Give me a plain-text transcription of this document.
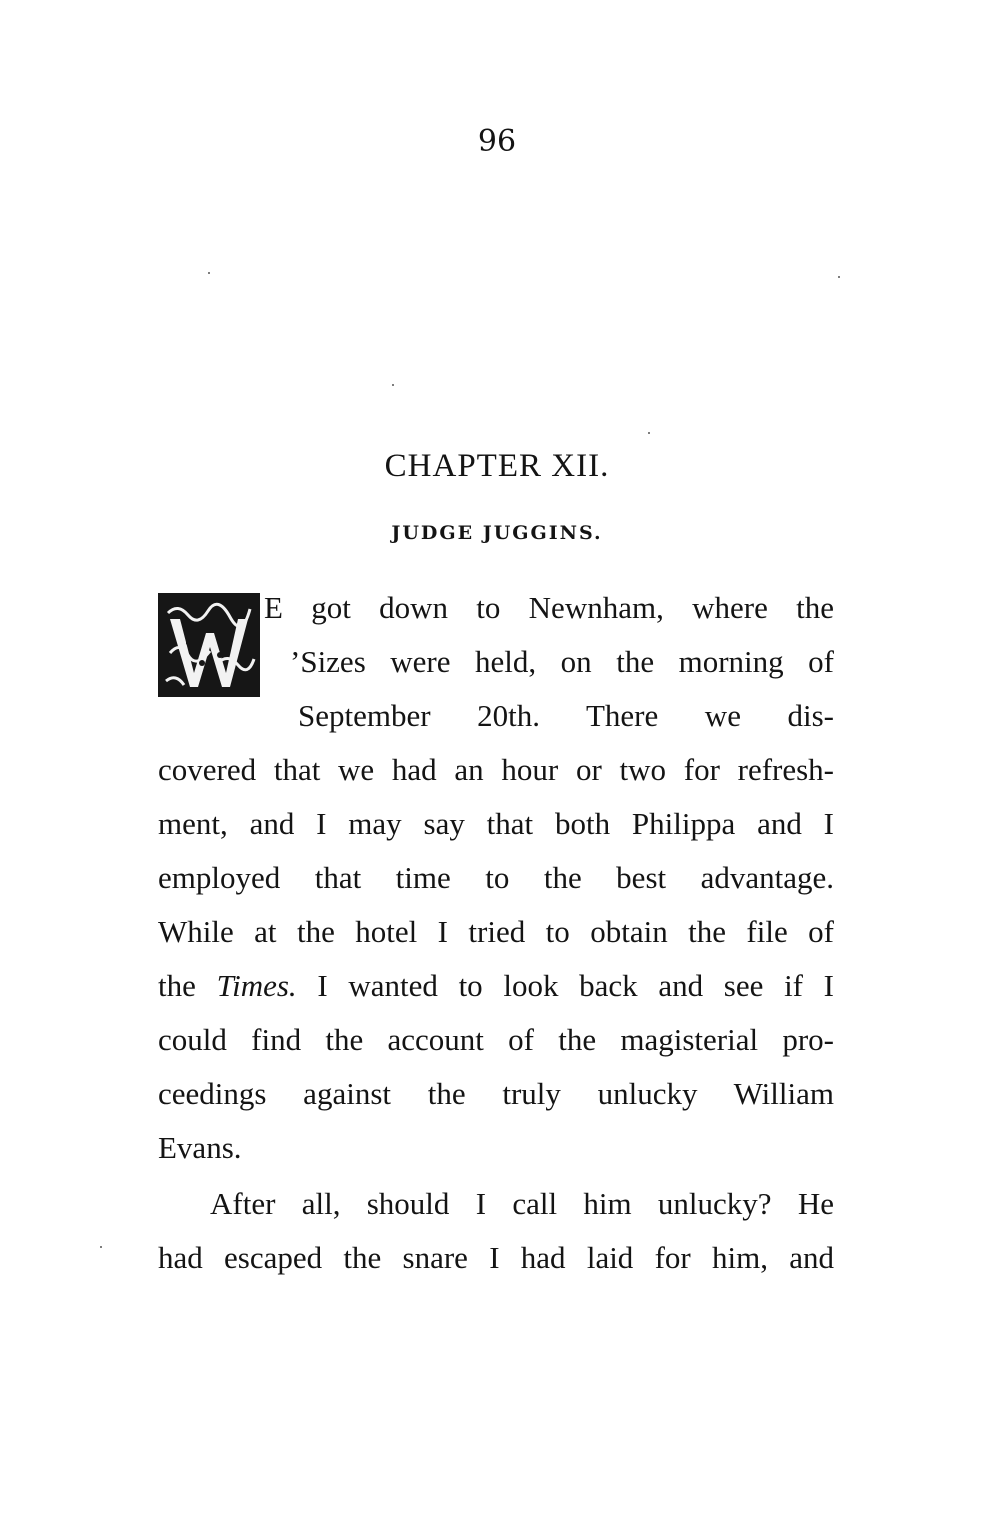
96
CHAPTER XII.
JUDGE JUGGINS.
W	E got down to Newnham, where the
’Sizes were held, on the morning of
September 20th. There we dis-
covered that we had an hour or two for refresh-
ment, and I may say that both Philippa and I
employed that time to the best advantage.
While at the hotel I tried to obtain the file of
the Times. I wanted to look back and see if I
could find the account of the magisterial pro-
ceedings against the truly unlucky William
Evans.
After all, should I call him unlucky? He
had escaped the snare I had laid for him, and
